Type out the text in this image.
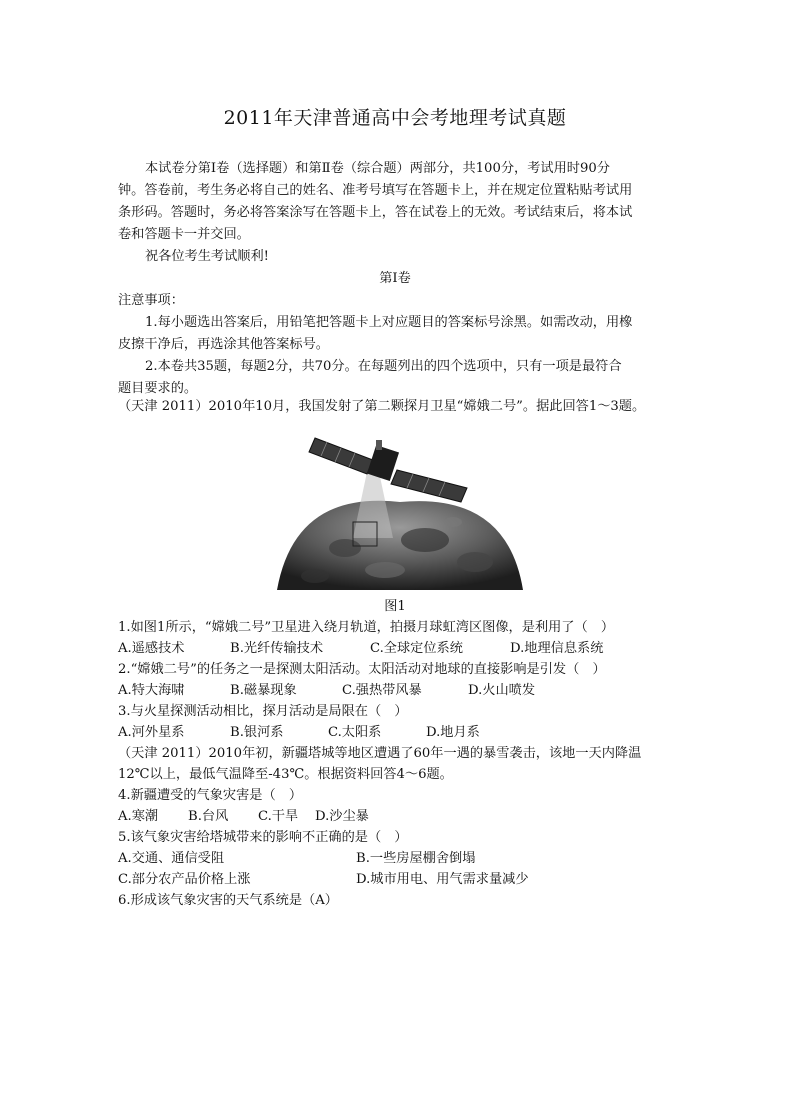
2011年天津普通高中会考地理考试真题
本试卷分第Ⅰ卷（选择题）和第Ⅱ卷（综合题）两部分，共100分，考试用时90分
钟。答卷前，考生务必将自己的姓名、准考号填写在答题卡上，并在规定位置粘贴考试用
条形码。答题时，务必将答案涂写在答题卡上，答在试卷上的无效。考试结束后，将本试
卷和答题卡一并交回。
祝各位考生考试顺利!
第Ⅰ卷
注意事项：
1.每小题选出答案后，用铅笔把答题卡上对应题目的答案标号涂黑。如需改动，用橡
皮擦干净后，再选涂其他答案标号。
2.本卷共35题，每题2分，共70分。在每题列出的四个选项中，只有一项是最符合
题目要求的。
（天津 2011）2010年10月，我国发射了第二颗探月卫星“嫦娥二号”。据此回答1～3题。
图1
1.如图1所示，“嫦娥二号”卫星进入绕月轨道，拍摄月球虹湾区图像，是利用了（　）
A.遥感技术	B.光纤传输技术	C.全球定位系统	D.地理信息系统
2.“嫦娥二号”的任务之一是探测太阳活动。太阳活动对地球的直接影响是引发（　）
A.特大海啸	B.磁暴现象	C.强热带风暴	D.火山喷发
3.与火星探测活动相比，探月活动是局限在（　）
A.河外星系	B.银河系	C.太阳系	D.地月系
（天津 2011）2010年初，新疆塔城等地区遭遇了60年一遇的暴雪袭击，该地一天内降温
12℃以上，最低气温降至-43℃。根据资料回答4～6题。
4.新疆遭受的气象灾害是（　）
A.寒潮 B.台风 C.干旱 D.沙尘暴
5.该气象灾害给塔城带来的影响不正确的是（　）
A.交通、通信受阻	B.一些房屋棚舍倒塌
C.部分农产品价格上涨	D.城市用电、用气需求量减少
6.形成该气象灾害的天气系统是（A）
